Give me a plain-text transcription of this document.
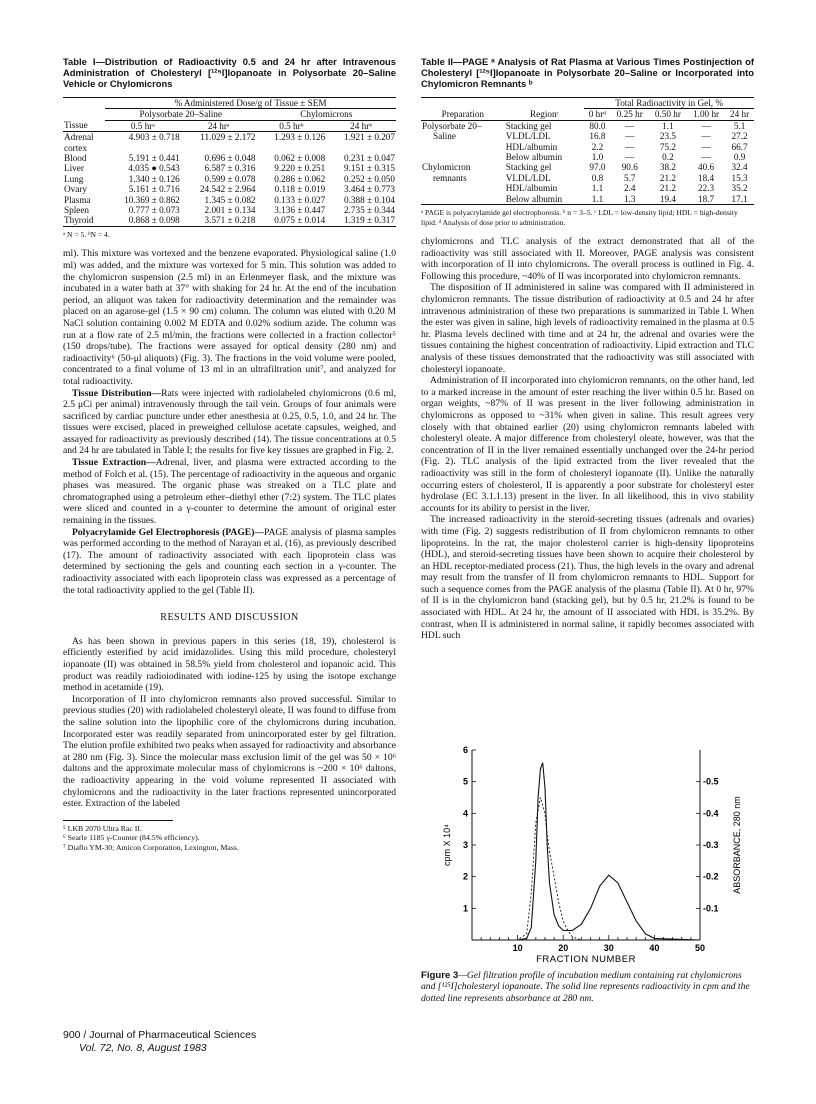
Table I—Distribution of Radioactivity 0.5 and 24 hr after Intravenous Administration of Cholesteryl [¹²⁵I]Iopanoate in Polysorbate 20–Saline Vehicle or Chylomicrons
	% Administered Dose/g of Tissue ± SEM			
	Polysorbate 20–Saline		Chylomicrons	
Tissue	0.5 hrᵃ	24 hrᵃ	0.5 hrᵇ	24 hrᵇ
Adrenal cortex	4.903 ± 0.718	11.029 ± 2.172	1.293 ± 0.126	1.921 ± 0.207
Blood	5.191 ± 0.441	0.696 ± 0.048	0.062 ± 0.008	0.231 ± 0.047
Liver	4.035 ● 0.543	6.587 ± 0.316	9.220 ± 0.251	9.151 ± 0.315
Lung	1.340 ± 0.126	0.599 ± 0.078	0.286 ± 0.062	0.252 ± 0.050
Ovary	5.161 ± 0.716	24.542 ± 2.964	0.118 ± 0.019	3.464 ± 0.773
Plasma	10.369 ± 0.862	1.345 ± 0.082	0.133 ± 0.027	0.388 ± 0.104
Spleen	0.777 ± 0.073	2.001 ± 0.134	3.136 ± 0.447	2.735 ± 0.344
Thyroid	0.868 ± 0.098	3.571 ± 0.218	0.075 ± 0.014	1.319 ± 0.317
ᵃ N = 5. ᵇN = 4.

ml). This mixture was vortexed and the benzene evaporated. Physiological saline (1.0 ml) was added, and the mixture was vortexed for 5 min. This solution was added to the chylomicron suspension (2.5 ml) in an Erlenmeyer flask, and the mixture was incubated in a water bath at 37° with shaking for 24 hr. At the end of the incubation period, an aliquot was taken for radioactivity determination and the remainder was placed on an agarose-gel (1.5 × 90 cm) column. The column was eluted with 0.20 M NaCl solution containing 0.002 M EDTA and 0.02% sodium azide. The column was run at a flow rate of 2.5 ml/min, the fractions were collected in a fraction collector⁵ (150 drops/tube). The fractions were assayed for optical density (280 nm) and radioactivity⁶ (50-μl aliquots) (Fig. 3). The fractions in the void volume were pooled, concentrated to a final volume of 13 ml in an ultrafiltration unit⁷, and analyzed for total radioactivity.

Tissue Distribution—Rats were injected with radiolabeled chylomicrons (0.6 ml, 2.5 μCi per animal) intravenously through the tail vein. Groups of four animals were sacrificed by cardiac puncture under ether anesthesia at 0.25, 0.5, 1.0, and 24 hr. The tissues were excised, placed in preweighed cellulose acetate capsules, weighed, and assayed for radioactivity as previously described (14). The tissue concentrations at 0.5 and 24 hr are tabulated in Table I; the results for five key tissues are graphed in Fig. 2.

Tissue Extraction—Adrenal, liver, and plasma were extracted according to the method of Folch et al. (15). The percentage of radioactivity in the aqueous and organic phases was measured. The organic phase was streaked on a TLC plate and chromatographed using a petroleum ether–diethyl ether (7:2) system. The TLC plates were sliced and counted in a γ-counter to determine the amount of original ester remaining in the tissues.

Polyacrylamide Gel Electrophoresis (PAGE)—PAGE analysis of plasma samples was performed according to the method of Narayan et al. (16), as previously described (17). The amount of radioactivity associated with each lipoprotein class was determined by sectioning the gels and counting each section in a γ-counter. The radioactivity associated with each lipoprotein class was expressed as a percentage of the total radioactivity applied to the gel (Table II).

RESULTS AND DISCUSSION

As has been shown in previous papers in this series (18, 19), cholesterol is efficiently esterified by acid imidazolides. Using this mild procedure, cholesteryl iopanoate (II) was obtained in 58.5% yield from cholesterol and iopanoic acid. This product was readily radioiodinated with iodine-125 by using the isotope exchange method in acetamide (19).

Incorporation of II into chylomicron remnants also proved successful. Similar to previous studies (20) with radiolabeled cholesteryl oleate, II was found to diffuse from the saline solution into the lipophilic core of the chylomicrons during incubation. Incorporated ester was readily separated from unincorporated ester by gel filtration. The elution profile exhibited two peaks when assayed for radioactivity and absorbance at 280 nm (Fig. 3). Since the molecular mass exclusion limit of the gel was 50 × 10⁶ daltons and the approximate molecular mass of chylomicrons is ~200 × 10⁶ daltons, the radioactivity appearing in the void volume represented II associated with chylomicrons and the radioactivity in the later fractions represented unincorporated ester. Extraction of the labeled

⁵ LKB 2070 Ultra Rac II.

⁶ Searle 1185 γ-Counter (84.5% efficiency).

⁷ Diaflo YM-30; Amicon Corporation, Lexington, Mass.

900 / Journal of Pharmaceutical Sciences
Vol. 72, No. 8, August 1983
Table II—PAGE ᵃ Analysis of Rat Plasma at Various Times Postinjection of Cholesteryl [¹²⁵I]Iopanoate in Polysorbate 20–Saline or Incorporated into Chylomicron Remnants ᵇ
		Total Radioactivity in Gel, %				
Preparation	Regionᶜ	0 hrᵈ	0.25 hr	0.50 hr	1.00 hr	24 hr
Polysorbate 20–	Stacking gel	80.0	—	1.1	—	5.1
Saline	VLDL/LDL	16.8	—	23.5	—	27.2
	HDL/albumin	2.2	—	75.2	—	66.7
	Below albumin	1.0	—	0.2	—	0.9
Chylomicron	Stacking gel	97.0	90.6	38.2	40.6	32.4
remnants	VLDL/LDL	0.8	5.7	21.2	18.4	15.3
	HDL/albumin	1.1	2.4	21.2	22.3	35.2
	Below albumin	1.1	1.3	19.4	18.7	17.1
ᵃ PAGE is polyacrylamide gel electrophoresis. ᵇ n = 3–5. ᶜ LDL = low-density lipid; HDL = high-density lipid. ᵈ Analysis of dose prior to administration.

chylomicrons and TLC analysis of the extract demonstrated that all of the radioactivity was still associated with II. Moreover, PAGE analysis was consistent with incorporation of II into chylomicrons. The overall process is outlined in Fig. 4. Following this procedure, ~40% of II was incorporated into chylomicron remnants.

The disposition of II administered in saline was compared with II administered in chylomicron remnants. The tissue distribution of radioactivity at 0.5 and 24 hr after intravenous administration of these two preparations is summarized in Table I. When the ester was given in saline, high levels of radioactivity remained in the plasma at 0.5 hr. Plasma levels declined with time and at 24 hr, the adrenal and ovaries were the tissues containing the highest concentration of radioactivity. Lipid extraction and TLC analysis of these tissues demonstrated that the radioactivity was still associated with cholesteryl iopanoate.

Administration of II incorporated into chylomicron remnants, on the other hand, led to a marked increase in the amount of ester reaching the liver within 0.5 hr. Based on organ weights, ~87% of II was present in the liver following administration in chylomicrons as opposed to ~31% when given in saline. This result agrees very closely with that obtained earlier (20) using chylomicron remnants labeled with cholesteryl oleate. A major difference from cholesteryl oleate, however, was that the concentration of II in the liver remained essentially unchanged over the 24-hr period (Fig. 2). TLC analysis of the lipid extracted from the liver revealed that the radioactivity was still in the form of cholesteryl iopanoate (II). Unlike the naturally occurring esters of cholesterol, II is apparently a poor substrate for cholesteryl ester hydrolase (EC 3.1.1.13) present in the liver. In all likelihood, this in vivo stability accounts for its ability to persist in the liver.

The increased radioactivity in the steroid-secreting tissues (adrenals and ovaries) with time (Fig. 2) suggests redistribution of II from chylomicron remnants to other lipoproteins. In the rat, the major cholesterol carrier is high-density lipoproteins (HDL), and steroid-secreting tissues have been shown to acquire their cholesterol by an HDL receptor-mediated process (21). Thus, the high levels in the ovary and adrenal may result from the transfer of II from chylomicron remnants to HDL. Support for such a sequence comes from the PAGE analysis of the plasma (Table II). At 0 hr, 97% of II is in the chylomicron band (stacking gel), but by 0.5 hr, 21.2% is found to be associated with HDL. At 24 hr, the amount of II associated with HDL is 35.2%. By contrast, when II is administered in normal saline, it rapidly becomes associated with HDL such

10	20	30	40	50
1
2
3
4
5
6
-0.1
-0.2
-0.3
-0.4
-0.5
FRACTION NUMBER
cpm X 10⁴	ABSORBANCE, 280 nm
Figure 3—Gel filtration profile of incubation medium containing rat chylomicrons and [¹²⁵I]cholesteryl iopanoate. The solid line represents radioactivity in cpm and the dotted line represents absorbance at 280 nm.
